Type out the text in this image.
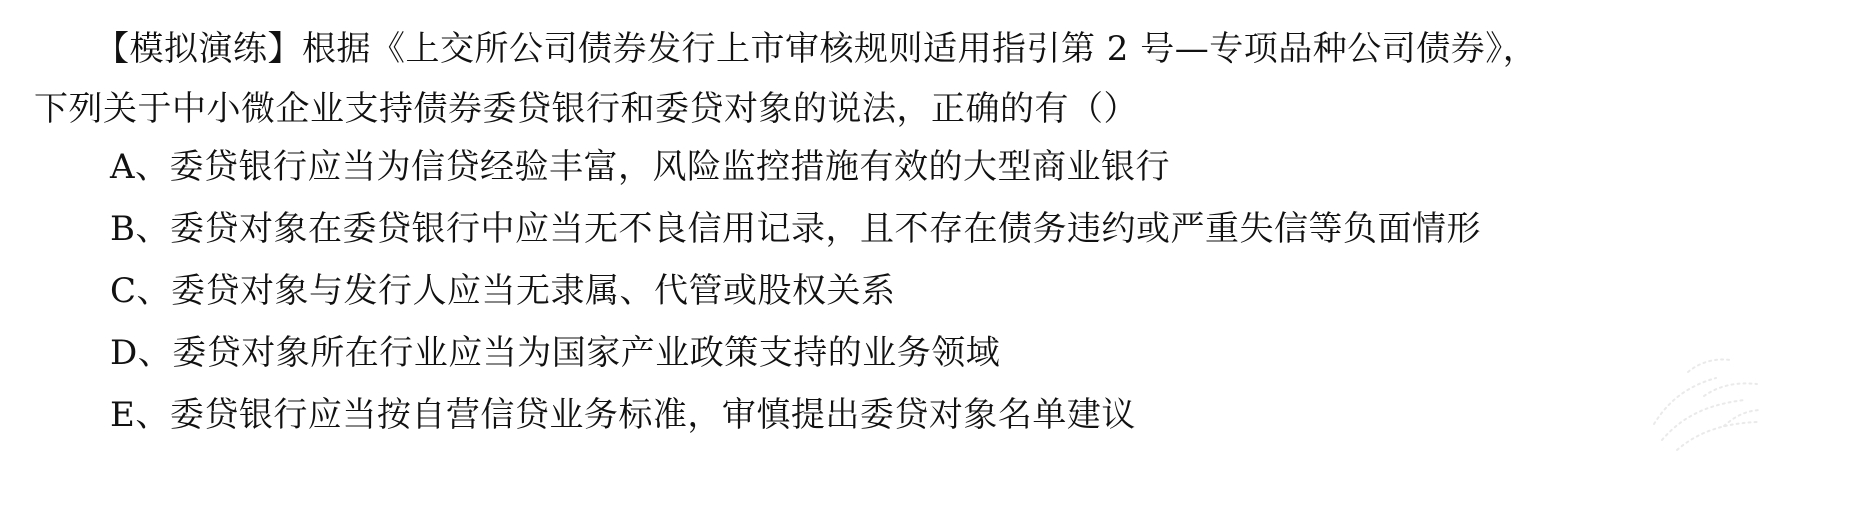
【模拟演练】根据《上交所公司债券发行上市审核规则适用指引第 2 号—专项品种公司债券》，
下列关于中小微企业支持债券委贷银行和委贷对象的说法，正确的有（）
A、委贷银行应当为信贷经验丰富，风险监控措施有效的大型商业银行
B、委贷对象在委贷银行中应当无不良信用记录，且不存在债务违约或严重失信等负面情形
C、委贷对象与发行人应当无隶属、代管或股权关系
D、委贷对象所在行业应当为国家产业政策支持的业务领域
E、委贷银行应当按自营信贷业务标准，审慎提出委贷对象名单建议
